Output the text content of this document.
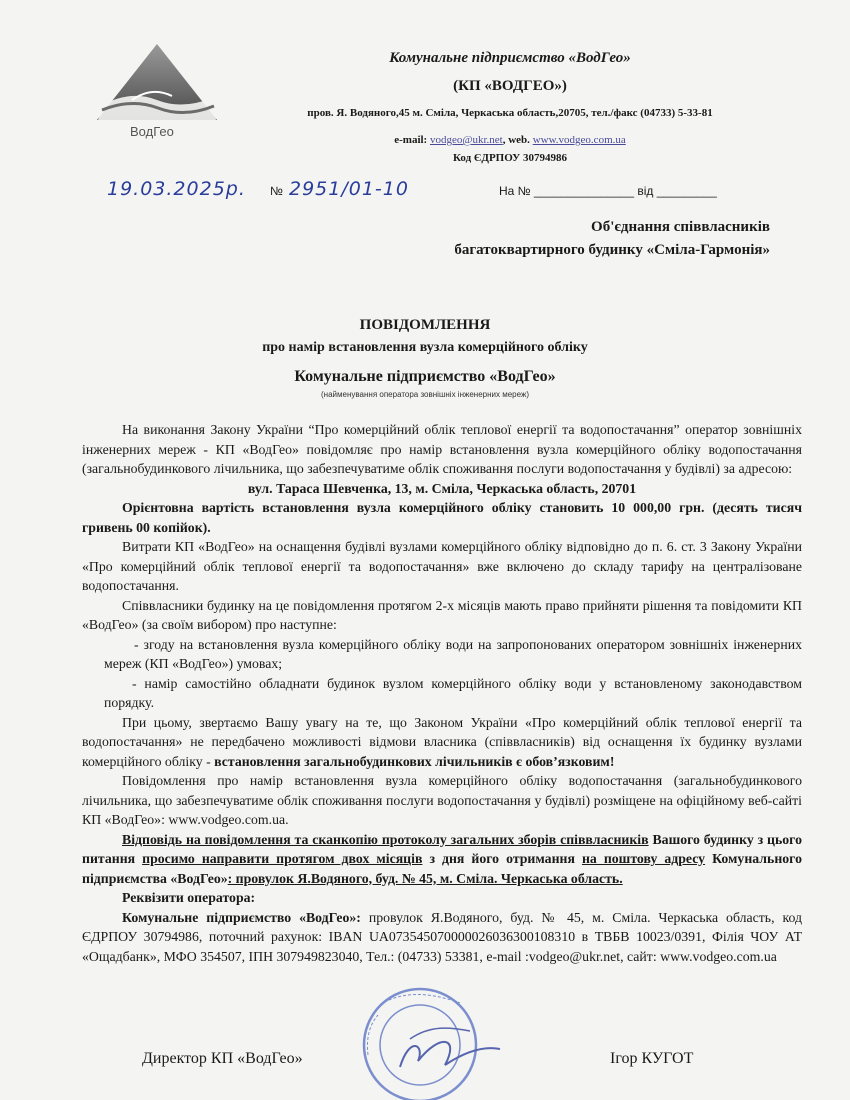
ВодГео
Комунальне підприємство «ВодГео»
(КП «ВОДГЕО»)
пров. Я. Водяного,45 м. Сміла, Черкаська область,20705, тел./факс (04733) 5-33-81
e-mail: vodgeo@ukr.net, web. www.vodgeo.com.ua
Код ЄДРПОУ 30794986
19.03.2025р. № 2951/01-10	На № _______________ від _________
Об'єднання співвласників
багатоквартирного будинку «Сміла-Гармонія»
ПОВІДОМЛЕННЯ
про намір встановлення вузла комерційного обліку
Комунальне підприємство «ВодГео»
(найменування оператора зовнішніх інженерних мереж)

На виконання Закону України “Про комерційний облік теплової енергії та водопостачання” оператор зовнішніх інженерних мереж - КП «ВодГео» повідомляє про намір встановлення вузла комерційного обліку водопостачання (загальнобудинкового лічильника, що забезпечуватиме облік споживання послуги водопостачання у будівлі) за адресою:

вул. Тараса Шевченка, 13, м. Сміла, Черкаська область, 20701

Орієнтовна вартість встановлення вузла комерційного обліку становить 10 000,00 грн. (десять тисяч гривень 00 копійок).

Витрати КП «ВодГео» на оснащення будівлі вузлами комерційного обліку відповідно до п. 6. ст. 3 Закону України «Про комерційний облік теплової енергії та водопостачання» вже включено до складу тарифу на централізоване водопостачання.

Співвласники будинку на це повідомлення протягом 2-х місяців мають право прийняти рішення та повідомити КП «ВодГео» (за своїм вибором) про наступне:

- згоду на встановлення вузла комерційного обліку води на запропонованих оператором зовнішніх інженерних мереж (КП «ВодГео») умовах;

- намір самостійно обладнати будинок вузлом комерційного обліку води у встановленому законодавством порядку.

При цьому, звертаємо Вашу увагу на те, що Законом України «Про комерційний облік теплової енергії та водопостачання» не передбачено можливості відмови власника (співвласників) від оснащення їх будинку вузлами комерційного обліку - встановлення загальнобудинкових лічильників є обов’язковим!

Повідомлення про намір встановлення вузла комерційного обліку водопостачання (загальнобудинкового лічильника, що забезпечуватиме облік споживання послуги водопостачання у будівлі) розміщене на офіційному веб-сайті КП «ВодГео»: www.vodgeo.com.ua.

Відповідь на повідомлення та сканкопію протоколу загальних зборів співвласників Вашого будинку з цього питання просимо направити протягом двох місяців з дня його отримання на поштову адресу Комунального підприємства «ВодГео»: провулок Я.Водяного, буд. № 45, м. Сміла. Черкаська область.

Реквізити оператора:

Комунальне підприємство «ВодГео»: провулок Я.Водяного, буд. № 45, м. Сміла. Черкаська область, код ЄДРПОУ 30794986, поточний рахунок: IBAN UA073545070000026036300108310 в ТВБВ 10023/0391, Філія ЧОУ АТ «Ощадбанк», МФО 354507, ІПН 307949823040, Тел.: (04733) 53381, e-mail :vodgeo@ukr.net, сайт: www.vodgeo.com.ua

Директор КП «ВодГео»	Ігор КУГОТ
